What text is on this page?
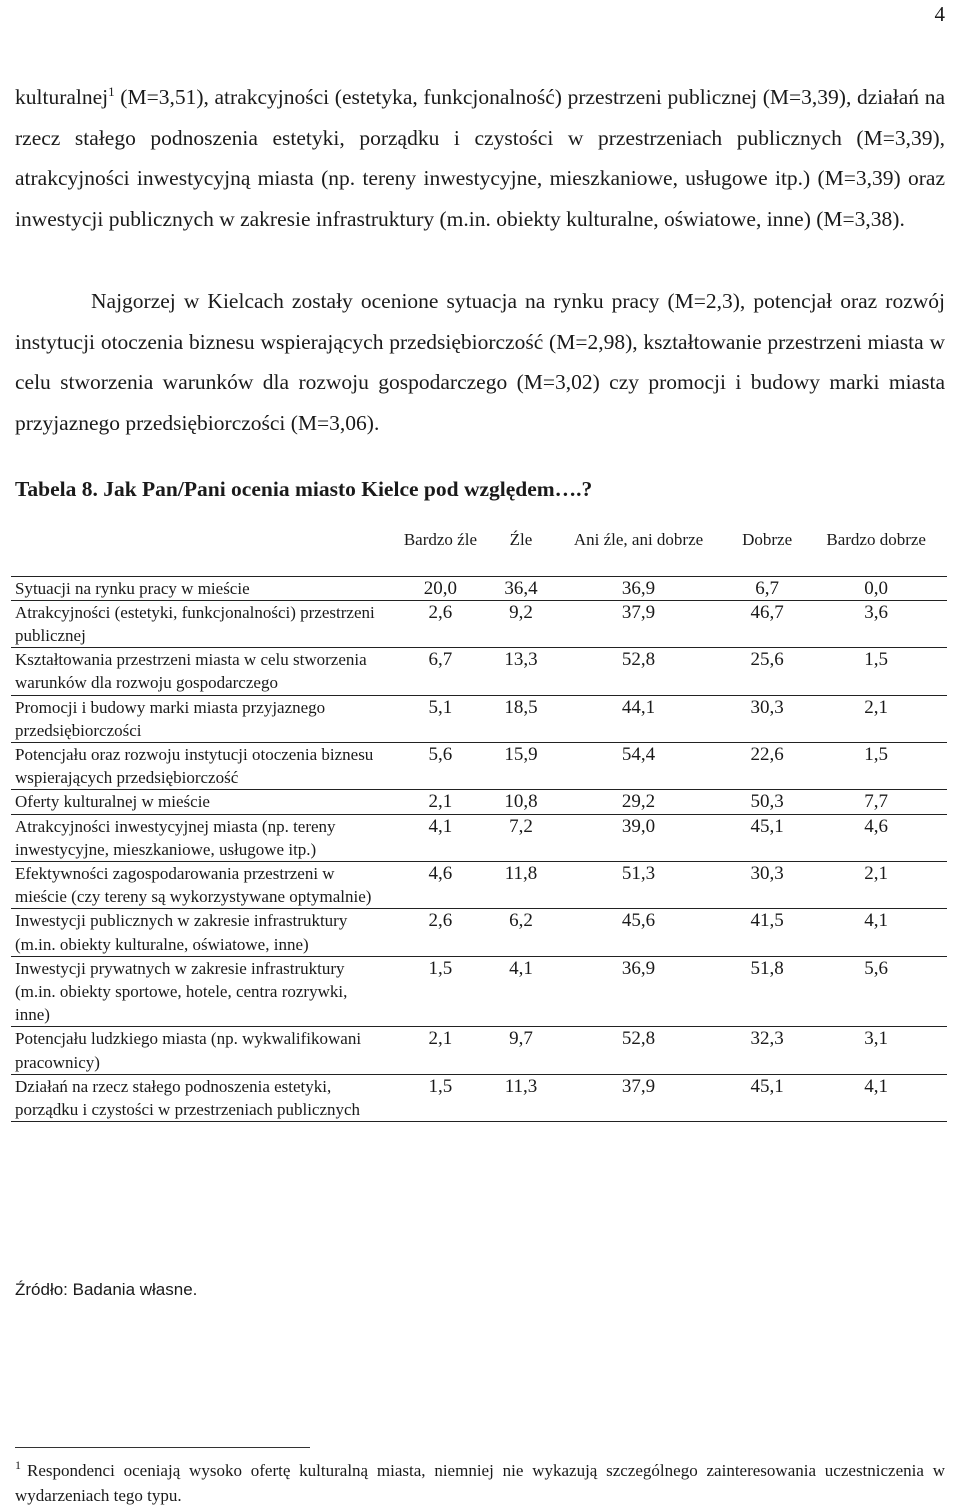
4

kulturalnej$^1$ (M=3,51), atrakcyjności (estetyka, funkcjonalność) przestrzeni publicznej (M=3,39), działań na rzecz stałego podnoszenia estetyki, porządku i czystości w przestrzeniach publicznych (M=3,39), atrakcyjności inwestycyjną miasta (np. tereny inwestycyjne, mieszkaniowe, usługowe itp.) (M=3,39) oraz inwestycji publicznych w zakresie infrastruktury (m.in. obiekty kulturalne, oświatowe, inne) (M=3,38).

Najgorzej w Kielcach zostały ocenione sytuacja na rynku pracy (M=2,3), potencjał oraz rozwój instytucji otoczenia biznesu wspierających przedsiębiorczość (M=2,98), kształtowanie przestrzeni miasta w celu stworzenia warunków dla rozwoju gospodarczego (M=3,02) czy promocji i budowy marki miasta przyjaznego przedsiębiorczości (M=3,06).

Tabela 8. Jak Pan/Pani ocenia miasto Kielce pod względem….?

	Bardzo źle	Źle	Ani źle, ani dobrze	Dobrze	Bardzo dobrze
Sytuacji na rynku pracy w mieście	20,0	36,4	36,9	6,7	0,0
Atrakcyjności (estetyki, funkcjonalności) przestrzeni publicznej	2,6	9,2	37,9	46,7	3,6
Kształtowania przestrzeni miasta w celu stworzenia warunków dla rozwoju gospodarczego	6,7	13,3	52,8	25,6	1,5
Promocji i budowy marki miasta przyjaznego przedsiębiorczości	5,1	18,5	44,1	30,3	2,1
Potencjału oraz rozwoju instytucji otoczenia biznesu wspierających przedsiębiorczość	5,6	15,9	54,4	22,6	1,5
Oferty kulturalnej w mieście	2,1	10,8	29,2	50,3	7,7
Atrakcyjności inwestycyjnej miasta (np. tereny inwestycyjne, mieszkaniowe, usługowe itp.)	4,1	7,2	39,0	45,1	4,6
Efektywności zagospodarowania przestrzeni w mieście (czy tereny są wykorzystywane optymalnie)	4,6	11,8	51,3	30,3	2,1
Inwestycji publicznych w zakresie infrastruktury (m.in. obiekty kulturalne, oświatowe, inne)	2,6	6,2	45,6	41,5	4,1
Inwestycji prywatnych w zakresie infrastruktury (m.in. obiekty sportowe, hotele, centra rozrywki, inne)	1,5	4,1	36,9	51,8	5,6
Potencjału ludzkiego miasta (np. wykwalifikowani pracownicy)	2,1	9,7	52,8	32,3	3,1
Działań na rzecz stałego podnoszenia estetyki, porządku i czystości w przestrzeniach publicznych	1,5	11,3	37,9	45,1	4,1
Źródło: Badania własne.

$^1$ Respondenci oceniają wysoko ofertę kulturalną miasta, niemniej nie wykazują szczególnego zainteresowania uczestniczenia w wydarzeniach tego typu.
